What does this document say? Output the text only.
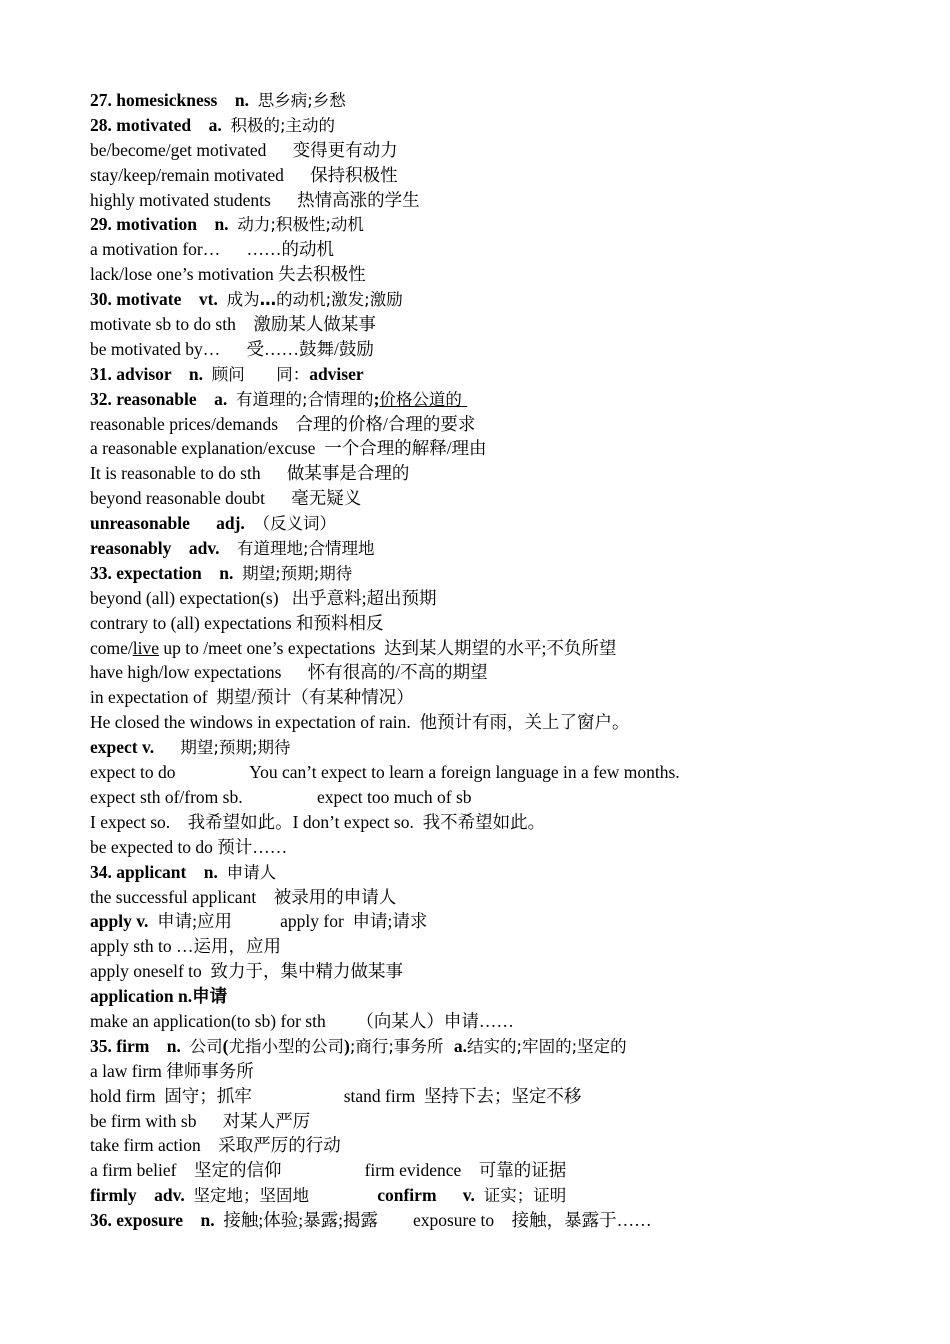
27. homesickness    n.  思乡病;乡愁
28. motivated    a.  积极的;主动的
be/become/get motivated      变得更有动力
stay/keep/remain motivated      保持积极性
highly motivated students      热情高涨的学生
29. motivation    n.  动力;积极性;动机
a motivation for…      ……的动机
lack/lose one’s motivation 失去积极性
30. motivate    vt.  成为…的动机;激发;激励
motivate sb to do sth    激励某人做某事
be motivated by…      受……鼓舞/鼓励
31. advisor    n.  顾问      同：adviser
32. reasonable    a.  有道理的;合情理的;价格公道的
reasonable prices/demands    合理的价格/合理的要求
a reasonable explanation/excuse  一个合理的解释/理由
It is reasonable to do sth      做某事是合理的
beyond reasonable doubt      毫无疑义
unreasonable      adj.  （反义词）
reasonably    adv.    有道理地;合情理地
33. expectation    n.  期望;预期;期待
beyond (all) expectation(s)   出乎意料;超出预期
contrary to (all) expectations 和预料相反
come/live up to /meet one’s expectations  达到某人期望的水平;不负所望
have high/low expectations      怀有很高的/不高的期望
in expectation of  期望/预计（有某种情况）
He closed the windows in expectation of rain.  他预计有雨，关上了窗户。
expect v.      期望;预期;期待
expect to do                 You can’t expect to learn a foreign language in a few months.
expect sth of/from sb.                 expect too much of sb
I expect so.    我希望如此。I don’t expect so.  我不希望如此。
be expected to do 预计……
34. applicant    n.  申请人
the successful applicant    被录用的申请人
apply v.  申请;应用           apply for  申请;请求
apply sth to …运用，应用
apply oneself to  致力于，集中精力做某事
application n.申请
make an application(to sb) for sth       （向某人）申请……
35. firm    n.  公司(尤指小型的公司);商行;事务所  a.结实的;牢固的;坚定的
a law firm 律师事务所
hold firm  固守；抓牢                     stand firm  坚持下去；坚定不移
be firm with sb      对某人严厉
take firm action    采取严厉的行动
a firm belief    坚定的信仰                   firm evidence    可靠的证据
firmly    adv.  坚定地；坚固地             confirm      v.  证实；证明
36. exposure    n.  接触;体验;暴露;揭露        exposure to    接触，暴露于……
